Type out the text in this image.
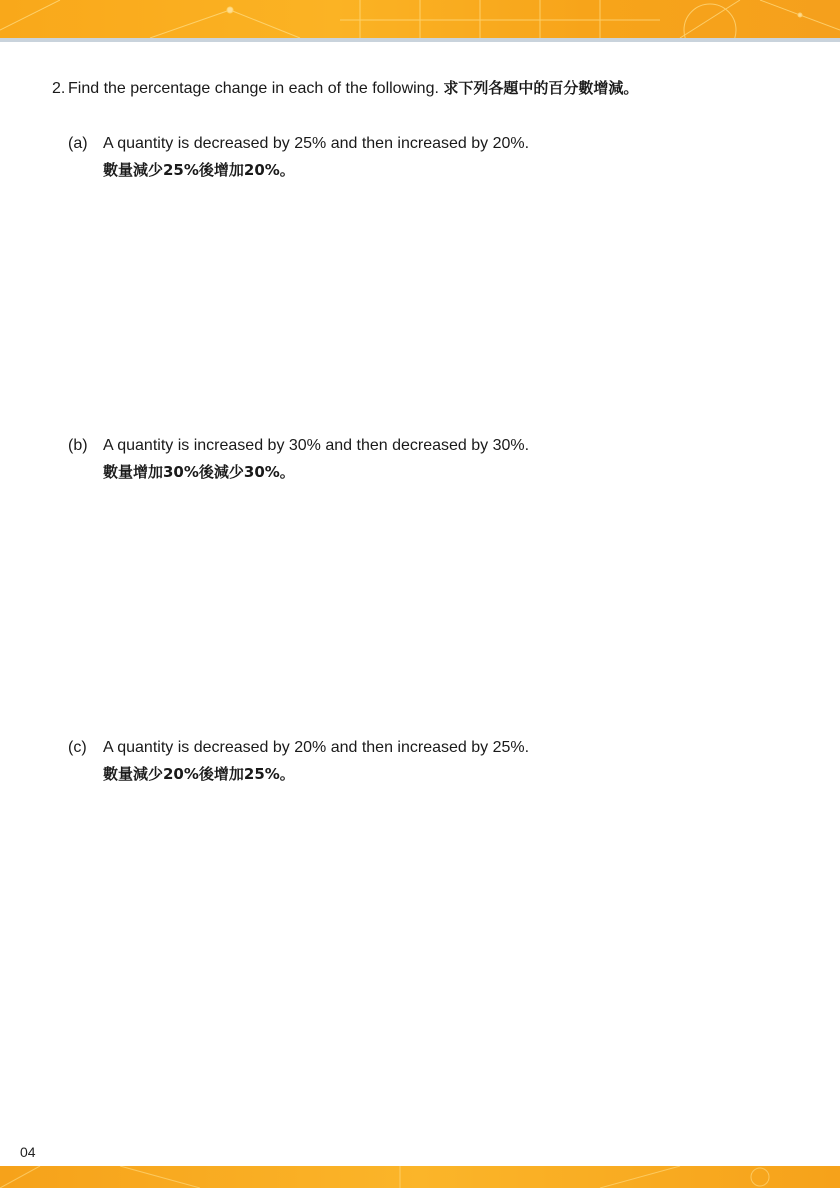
2. Find the percentage change in each of the following. 求下列各題中的百分數增減。
(a) A quantity is decreased by 25% and then increased by 20%.
數量減少25%後增加20%。
(b) A quantity is increased by 30% and then decreased by 30%.
數量增加30%後減少30%。
(c) A quantity is decreased by 20% and then increased by 25%.
數量減少20%後增加25%。
04
